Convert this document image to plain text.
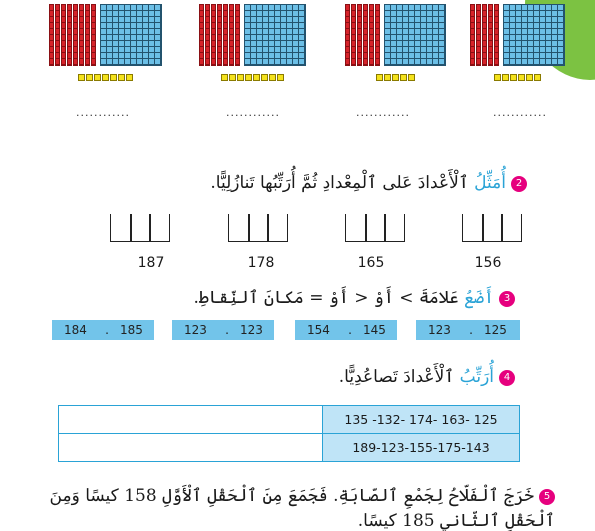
............	............	............	............
2أُمَثِّلُ ٱلْأَعْدادَ عَلى ٱلْمِعْدادِ ثُمَّ أُرَتِّبُها تَنازُلِيًّا.
187	178	165	156
3أَضَعُ عَلامَةَ > أَوْ < أَوْ = مَكانَ ٱلنِّقاطِ.
184 . 185	123 . 123	154 . 145	123 . 125
4أُرَتِّبُ ٱلْأَعْدادَ تَصاعُدِيًّا.
	135 -132- 174- 163- 125
	189-123-155-175-143
5خَرَجَ ٱلْفَلّاحُ لِجَمْعِ ٱلصّابَةِ. فَجَمَعَ مِنَ ٱلْحَقْلِ ٱلْأَوَّلِ 158 كيسًا وَمِنَ
ٱلْحَقْلِ ٱلثّاني 185 كيسًا.
